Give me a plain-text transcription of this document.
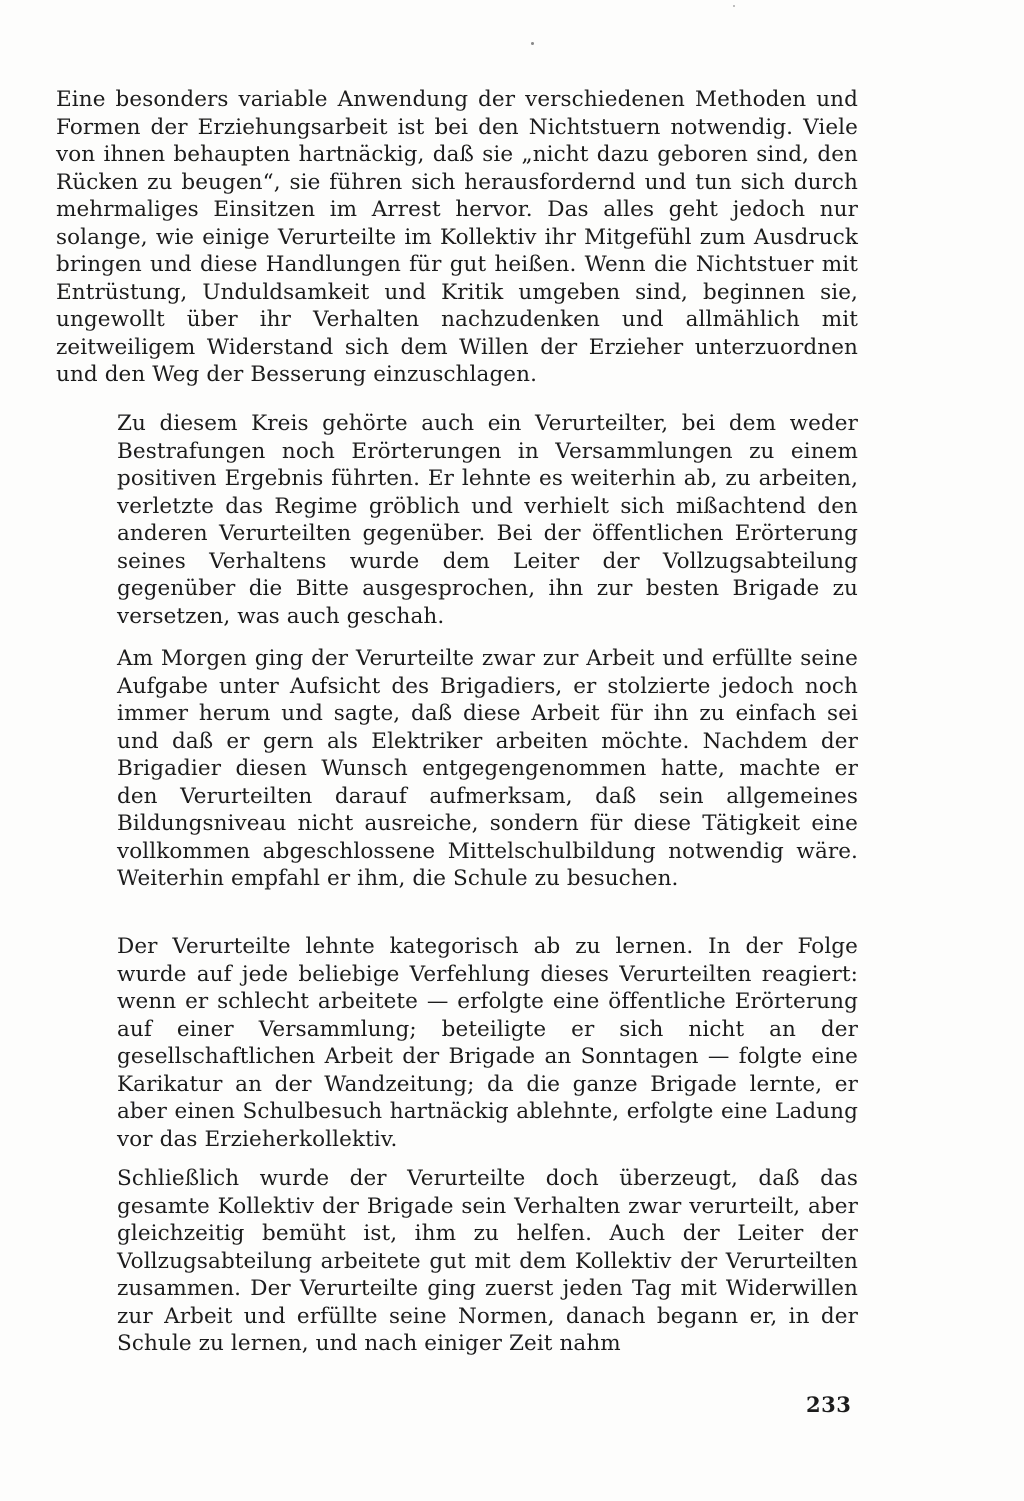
Eine besonders variable Anwendung der verschiedenen Methoden und Formen der Erziehungsarbeit ist bei den Nichtstuern notwendig. Viele von ihnen behaupten hartnäckig, daß sie „nicht dazu geboren sind, den Rücken zu beugen“, sie führen sich herausfordernd und tun sich durch mehrmaliges Einsitzen im Arrest hervor. Das alles geht jedoch nur solange, wie einige Verurteilte im Kollektiv ihr Mitgefühl zum Ausdruck bringen und diese Handlungen für gut heißen. Wenn die Nichtstuer mit Entrüstung, Unduldsamkeit und Kritik umgeben sind, beginnen sie, ungewollt über ihr Verhalten nachzudenken und allmählich mit zeitweiligem Widerstand sich dem Willen der Erzieher unterzuordnen und den Weg der Besserung einzuschlagen.

Zu diesem Kreis gehörte auch ein Verurteilter, bei dem weder Bestrafungen noch Erörterungen in Versammlungen zu einem positiven Ergebnis führten. Er lehnte es weiterhin ab, zu arbeiten, verletzte das Regime gröblich und verhielt sich mißachtend den anderen Verurteilten gegenüber. Bei der öffentlichen Erörterung seines Verhaltens wurde dem Leiter der Vollzugsabteilung gegenüber die Bitte ausgesprochen, ihn zur besten Brigade zu versetzen, was auch geschah.

Am Morgen ging der Verurteilte zwar zur Arbeit und erfüllte seine Aufgabe unter Aufsicht des Brigadiers, er stolzierte jedoch noch immer herum und sagte, daß diese Arbeit für ihn zu einfach sei und daß er gern als Elektriker arbeiten möchte. Nachdem der Brigadier diesen Wunsch entgegengenommen hatte, machte er den Verurteilten darauf aufmerksam, daß sein allgemeines Bildungsniveau nicht ausreiche, sondern für diese Tätigkeit eine vollkommen abgeschlossene Mittelschulbildung notwendig wäre. Weiterhin empfahl er ihm, die Schule zu besuchen.

Der Verurteilte lehnte kategorisch ab zu lernen. In der Folge wurde auf jede beliebige Verfehlung dieses Verurteilten reagiert: wenn er schlecht arbeitete — erfolgte eine öffentliche Erörterung auf einer Versammlung; beteiligte er sich nicht an der gesellschaftlichen Arbeit der Brigade an Sonntagen — folgte eine Karikatur an der Wandzeitung; da die ganze Brigade lernte, er aber einen Schulbesuch hartnäckig ablehnte, erfolgte eine Ladung vor das Erzieherkollektiv.

Schließlich wurde der Verurteilte doch überzeugt, daß das gesamte Kollektiv der Brigade sein Verhalten zwar verurteilt, aber gleichzeitig bemüht ist, ihm zu helfen. Auch der Leiter der Vollzugsabteilung arbeitete gut mit dem Kollektiv der Verurteilten zusammen. Der Verurteilte ging zuerst jeden Tag mit Widerwillen zur Arbeit und erfüllte seine Normen, danach begann er, in der Schule zu lernen, und nach einiger Zeit nahm

233
